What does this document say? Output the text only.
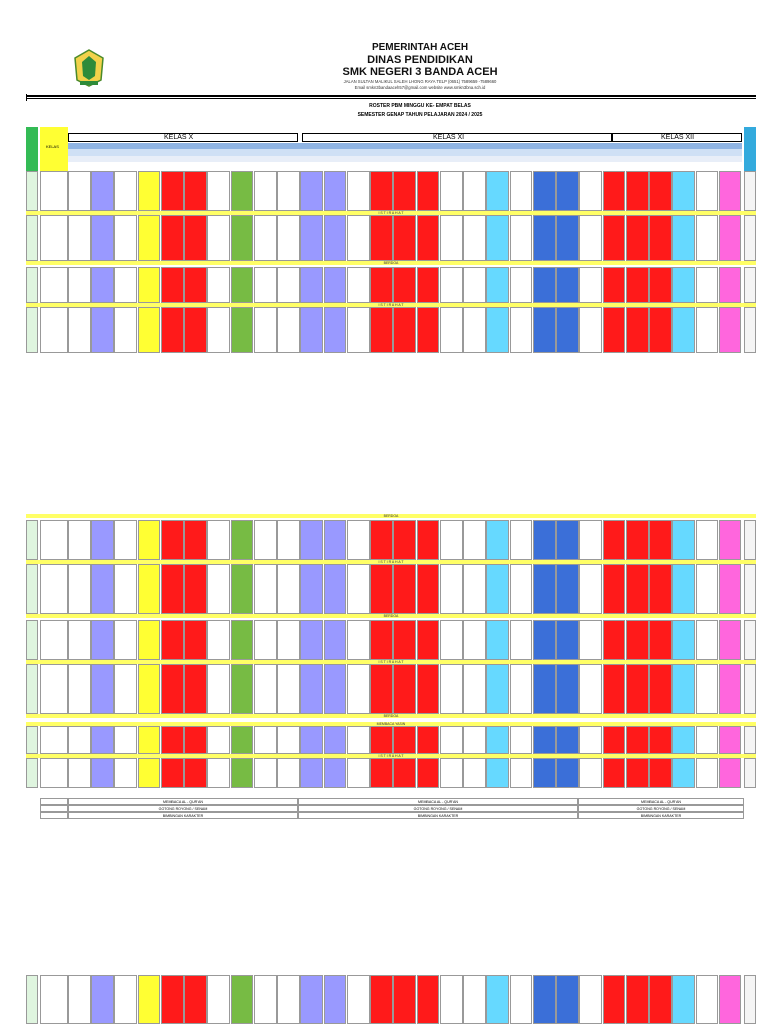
PEMERINTAH ACEH
DINAS PENDIDIKAN
SMK NEGERI 3 BANDA ACEH
JALAN SULTAN MALIKUL SALEH LHONG RAYA TELP (0651) 7589659 -7589660
Email smkn3bandaaceh57@gmail.com website www.smkn3bna.sch.id
ROSTER PBM MINGGU KE- EMPAT BELAS
SEMESTER GENAP TAHUN PELAJARAN 2024 / 2025
KELAS
KELAS X	KELAS XI	KELAS XII
I S T I R A H A T
BERDOA
I S T I R A H A T
BERDOA
I S T I R A H A T
BERDOA
I S T I R A H A T
BERDOA
MEMBACA YASIN
I S T I R A H A T
MEMBACA AL - QUR'AN	MEMBACA AL - QUR'AN	MEMBACA AL - QUR'AN
GOTONG ROYONG / SENAM	GOTONG ROYONG / SENAM	GOTONG ROYONG / SENAM
BIMBINGAN KARAKTER	BIMBINGAN KARAKTER	BIMBINGAN KARAKTER
